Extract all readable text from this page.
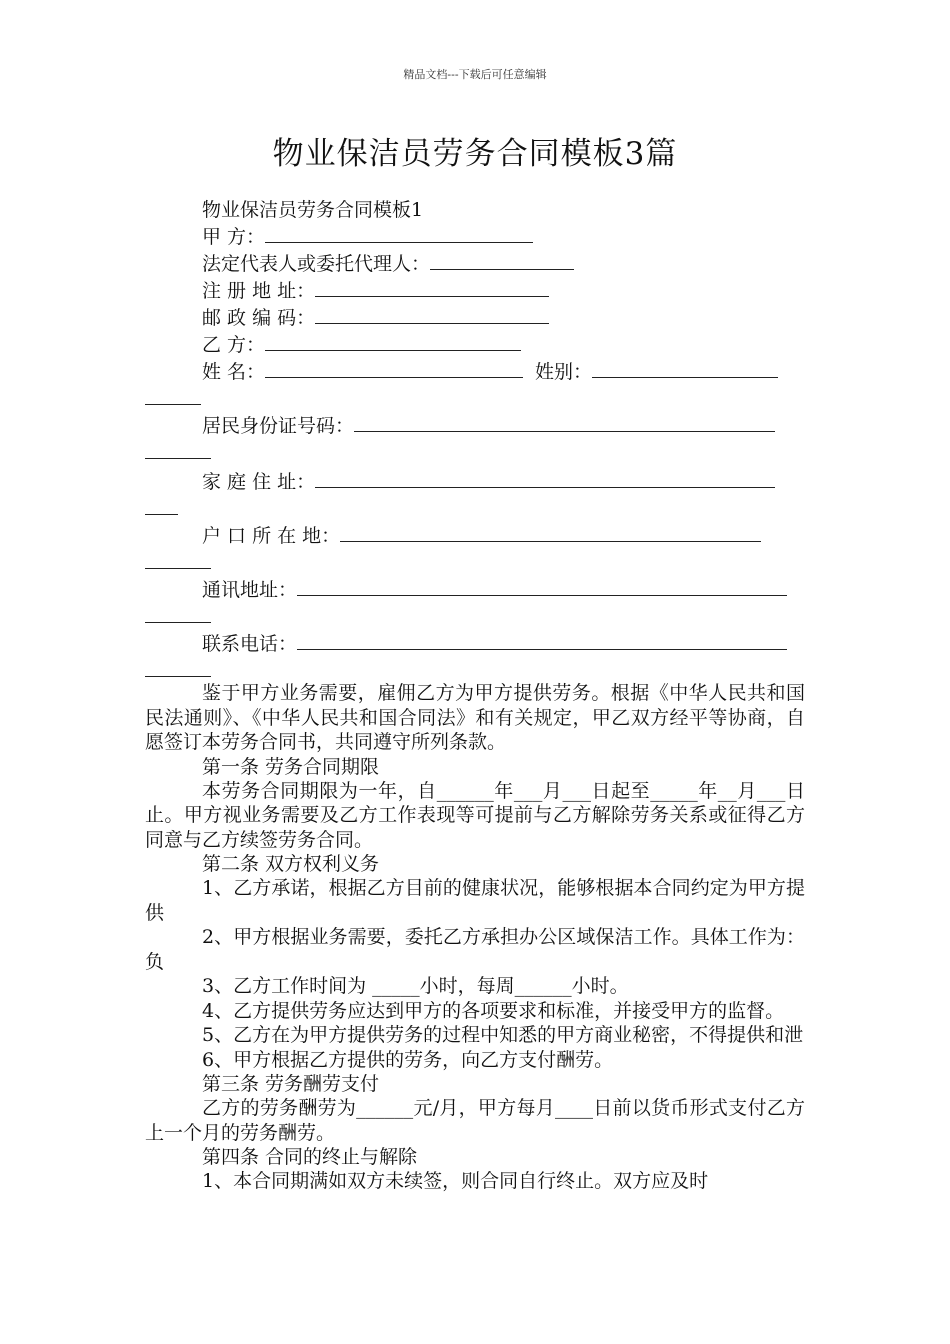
精品文档---下载后可任意编辑
物业保洁员劳务合同模板3篇
物业保洁员劳务合同模板1
甲 方：
法定代表人或委托代理人：
注 册 地 址：
邮 政 编 码：
乙 方：
姓 名：	姓别：
居民身份证号码：
家 庭 住 址：
户 口 所 在 地：
通讯地址：
联系电话：

鉴于甲方业务需要，雇佣乙方为甲方提供劳务。根据《中华人民共和国民法通则》、《中华人民共和国合同法》和有关规定，甲乙双方经平等协商，自愿签订本劳务合同书，共同遵守所列条款。

第一条 劳务合同期限

本劳务合同期限为一年，自______年___月___日起至_____年__月___日止。甲方视业务需要及乙方工作表现等可提前与乙方解除劳务关系或征得乙方同意与乙方续签劳务合同。

第二条 双方权利义务

1、乙方承诺，根据乙方目前的健康状况，能够根据本合同约定为甲方提供

2、甲方根据业务需要，委托乙方承担办公区域保洁工作。具体工作为：负

3、乙方工作时间为 _____小时，每周______小时。

4、乙方提供劳务应达到甲方的各项要求和标准，并接受甲方的监督。

5、乙方在为甲方提供劳务的过程中知悉的甲方商业秘密，不得提供和泄

6、甲方根据乙方提供的劳务，向乙方支付酬劳。

第三条 劳务酬劳支付

乙方的劳务酬劳为______元/月，甲方每月____日前以货币形式支付乙方上一个月的劳务酬劳。

第四条 合同的终止与解除

1、本合同期满如双方未续签，则合同自行终止。双方应及时
